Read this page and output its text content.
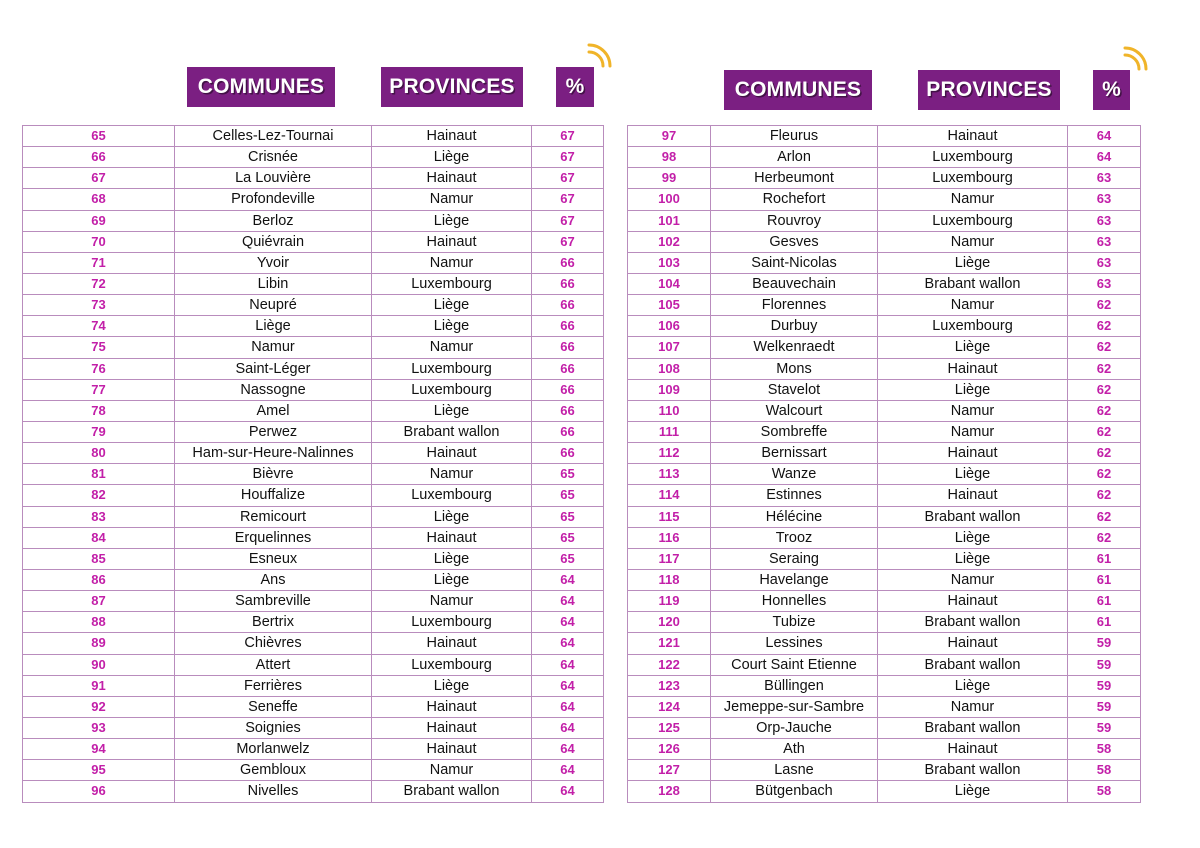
COMMUNES	PROVINCES	%	COMMUNES	PROVINCES	%
65	Celles-Lez-Tournai	Hainaut	67
66	Crisnée	Liège	67
67	La Louvière	Hainaut	67
68	Profondeville	Namur	67
69	Berloz	Liège	67
70	Quiévrain	Hainaut	67
71	Yvoir	Namur	66
72	Libin	Luxembourg	66
73	Neupré	Liège	66
74	Liège	Liège	66
75	Namur	Namur	66
76	Saint-Léger	Luxembourg	66
77	Nassogne	Luxembourg	66
78	Amel	Liège	66
79	Perwez	Brabant wallon	66
80	Ham-sur-Heure-Nalinnes	Hainaut	66
81	Bièvre	Namur	65
82	Houffalize	Luxembourg	65
83	Remicourt	Liège	65
84	Erquelinnes	Hainaut	65
85	Esneux	Liège	65
86	Ans	Liège	64
87	Sambreville	Namur	64
88	Bertrix	Luxembourg	64
89	Chièvres	Hainaut	64
90	Attert	Luxembourg	64
91	Ferrières	Liège	64
92	Seneffe	Hainaut	64
93	Soignies	Hainaut	64
94	Morlanwelz	Hainaut	64
95	Gembloux	Namur	64
96	Nivelles	Brabant wallon	64
97	Fleurus	Hainaut	64
98	Arlon	Luxembourg	64
99	Herbeumont	Luxembourg	63
100	Rochefort	Namur	63
101	Rouvroy	Luxembourg	63
102	Gesves	Namur	63
103	Saint-Nicolas	Liège	63
104	Beauvechain	Brabant wallon	63
105	Florennes	Namur	62
106	Durbuy	Luxembourg	62
107	Welkenraedt	Liège	62
108	Mons	Hainaut	62
109	Stavelot	Liège	62
110	Walcourt	Namur	62
111	Sombreffe	Namur	62
112	Bernissart	Hainaut	62
113	Wanze	Liège	62
114	Estinnes	Hainaut	62
115	Hélécine	Brabant wallon	62
116	Trooz	Liège	62
117	Seraing	Liège	61
118	Havelange	Namur	61
119	Honnelles	Hainaut	61
120	Tubize	Brabant wallon	61
121	Lessines	Hainaut	59
122	Court Saint Etienne	Brabant wallon	59
123	Büllingen	Liège	59
124	Jemeppe-sur-Sambre	Namur	59
125	Orp-Jauche	Brabant wallon	59
126	Ath	Hainaut	58
127	Lasne	Brabant wallon	58
128	Bütgenbach	Liège	58
